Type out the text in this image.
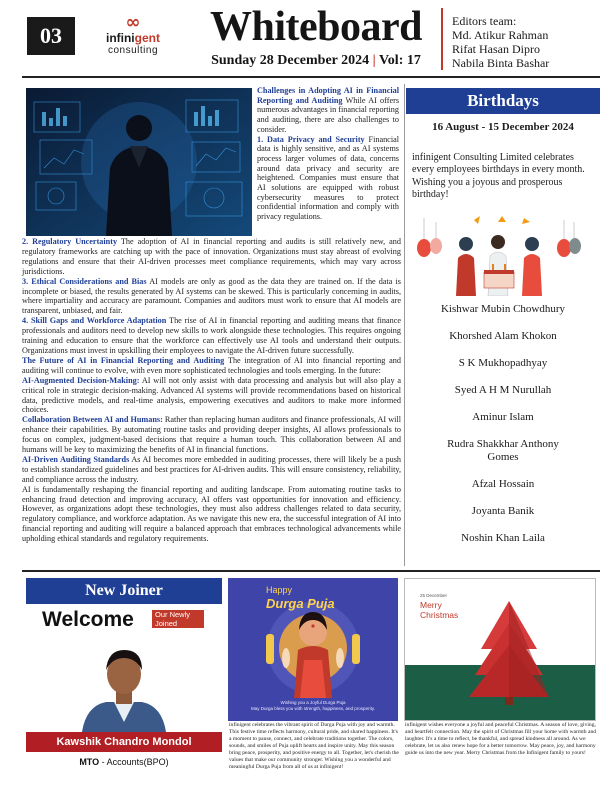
03
∞
infinigent
consulting
Whiteboard
Sunday 28 December 2024 | Vol: 17
Editors team:
Md. Atikur Rahman
Rifat Hasan Dipro
Nabila Binta Bashar

Challenges in Adopting AI in Financial Reporting and Auditing While AI offers numerous advantages in financial reporting and auditing, there are also challenges to consider.

1. Data Privacy and Security Financial data is highly sensitive, and as AI systems process larger volumes of data, concerns around data privacy and security are heightened. Companies must ensure that AI solutions are equipped with robust cybersecurity measures to protect confidential information and comply with privacy regulations.

2. Regulatory Uncertainty The adoption of AI in financial reporting and audits is still relatively new, and regulatory frameworks are catching up with the pace of innovation. Organizations must stay abreast of evolving regulations and ensure that their AI-driven processes meet compliance requirements, which may vary across jurisdictions.

3. Ethical Considerations and Bias AI models are only as good as the data they are trained on. If the data is incomplete or biased, the results generated by AI systems can be skewed. This is particularly concerning in audits, where impartiality and accuracy are paramount. Companies and auditors must work to ensure that AI models are transparent, unbiased, and fair.

4. Skill Gaps and Workforce Adaptation The rise of AI in financial reporting and auditing means that finance professionals and auditors need to develop new skills to work alongside these technologies. This requires ongoing training and education to ensure that the workforce can effectively use AI tools and understand their outputs. Organizations must invest in upskilling their employees to navigate the AI-driven future successfully.

The Future of AI in Financial Reporting and Auditing The integration of AI into financial reporting and auditing will continue to evolve, with even more sophisticated technologies and tools emerging. In the future:

AI-Augmented Decision-Making: AI will not only assist with data processing and analysis but will also play a critical role in strategic decision-making. Advanced AI systems will provide recommendations based on historical data, predictive models, and real-time analysis, empowering executives and auditors to make more informed choices.

Collaboration Between AI and Humans: Rather than replacing human auditors and finance professionals, AI will enhance their capabilities. By automating routine tasks and providing deeper insights, AI allows professionals to focus on complex, judgment-based decisions that require a human touch. This collaboration between AI and humans will be key to maximizing the benefits of AI in financial functions.

AI-Driven Auditing Standards As AI becomes more embedded in auditing processes, there will likely be a push to establish standardized guidelines and best practices for AI-driven audits. This will ensure consistency, reliability, and compliance across the industry.

AI is fundamentally reshaping the financial reporting and auditing landscape. From automating routine tasks to enhancing fraud detection and improving accuracy, AI offers vast opportunities for innovation and efficiency. However, as organizations adopt these technologies, they must also address challenges related to data security, regulatory compliance, and workforce adaptation. As we navigate this new era, the successful integration of AI into financial reporting and auditing will require a balanced approach that embraces technological advancements while upholding ethical standards and regulatory requirements.

Birthdays
16 August - 15 December 2024
infinigent Consulting Limited celebrates every employees birthdays in every month. Wishing you a joyous and prosperous birthday!
Kishwar Mubin Chowdhury
Khorshed Alam Khokon
S K Mukhopadhyay
Syed A H M Nurullah
Aminur Islam
Rudra Shakkhar Anthony Gomes
Afzal Hossain
Joyanta Banik
Noshin Khan Laila
New Joiner
Welcome	Our Newly Joined
Kawshik Chandro Mondol
MTO - Accounts(BPO)
Happy
Durga Puja
Wishing you a Joyful Durga Puja
May Durga bless you with strength, happiness, and prosperity.
infinigent celebrates the vibrant spirit of Durga Puja with joy and warmth. This festive time reflects harmony, cultural pride, and shared happiness. It's a moment to pause, connect, and celebrate traditions together. The colors, sounds, and smiles of Puja uplift hearts and inspire unity. May this season bring peace, prosperity, and positive energy to all. Together, let's cherish the values that make our community stronger. Wishing you a wonderful and meaningful Durga Puja from all of us at infinigent!
25 December
Merry
Christmas
infinigent wishes everyone a joyful and peaceful Christmas. A season of love, giving, and heartfelt connection. May the spirit of Christmas fill your home with warmth and laughter. It's a time to reflect, be thankful, and spread kindness all around. As we celebrate, let us also renew hope for a better tomorrow. May peace, joy, and harmony guide us into the new year. Merry Christmas from the Infinigent family to yours!
